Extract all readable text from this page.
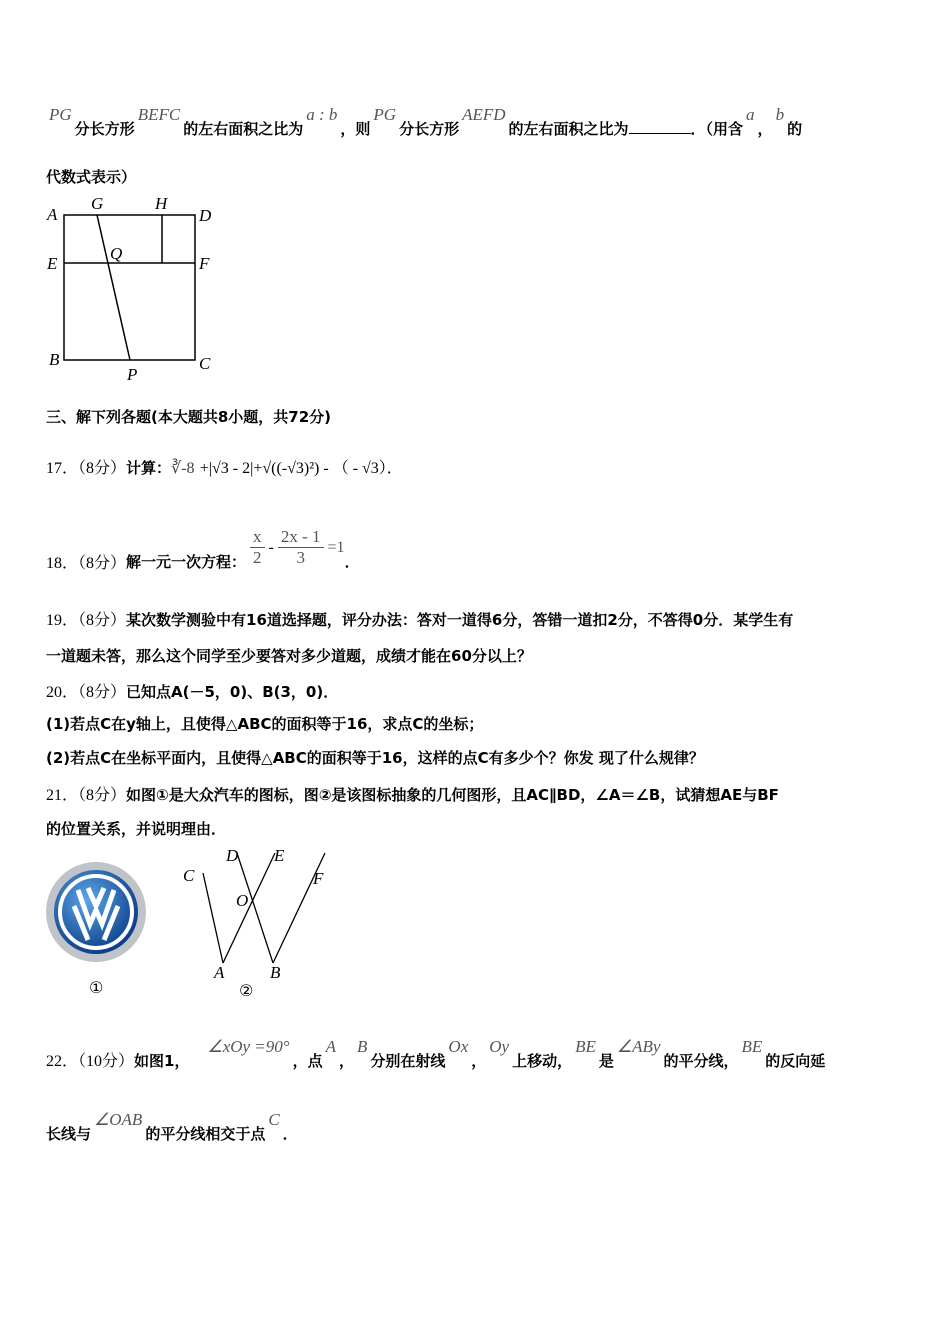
PG分长方形BEFC的左右面积之比为a : b，则PG分长方形AEFD的左右面积之比为	．（用含a，b的
代数式表示）
A
G	H
D
E
Q
F
B
P
C
三、解下列各题(本大题共8小题，共72分)
17．（8分）计算：∛-8 +|√3 - 2|+√((-√3)²) - （ - √3）．
18．（8分） 解一元一次方程： $\frac{x}{2} - \frac{2x - 1}{3} =1$
．
19．（8分）某次数学测验中有16道选择题，评分办法：答对一道得6分，答错一道扣2分，不答得0分．某学生有
一道题未答，那么这个同学至少要答对多少道题，成绩才能在60分以上？
20．（8分）已知点A(－5，0)、B(3，0)．
(1)若点C在y轴上，且使得△ABC的面积等于16，求点C的坐标；
(2)若点C在坐标平面内，且使得△ABC的面积等于16，这样的点C有多少个？你发 现了什么规律？
21．（8分）如图①是大众汽车的图标，图②是该图标抽象的几何图形，且AC∥BD，∠A＝∠B，试猜想AE与BF
的位置关系，并说明理由．
①
C
D E
F
O
A	B
②
22．（10分）如图1，∠xOy =90°，点A，B分别在射线Ox，Oy上移动，BE是∠ABy的平分线，BE的反向延
长线与∠OAB的平分线相交于点C．
